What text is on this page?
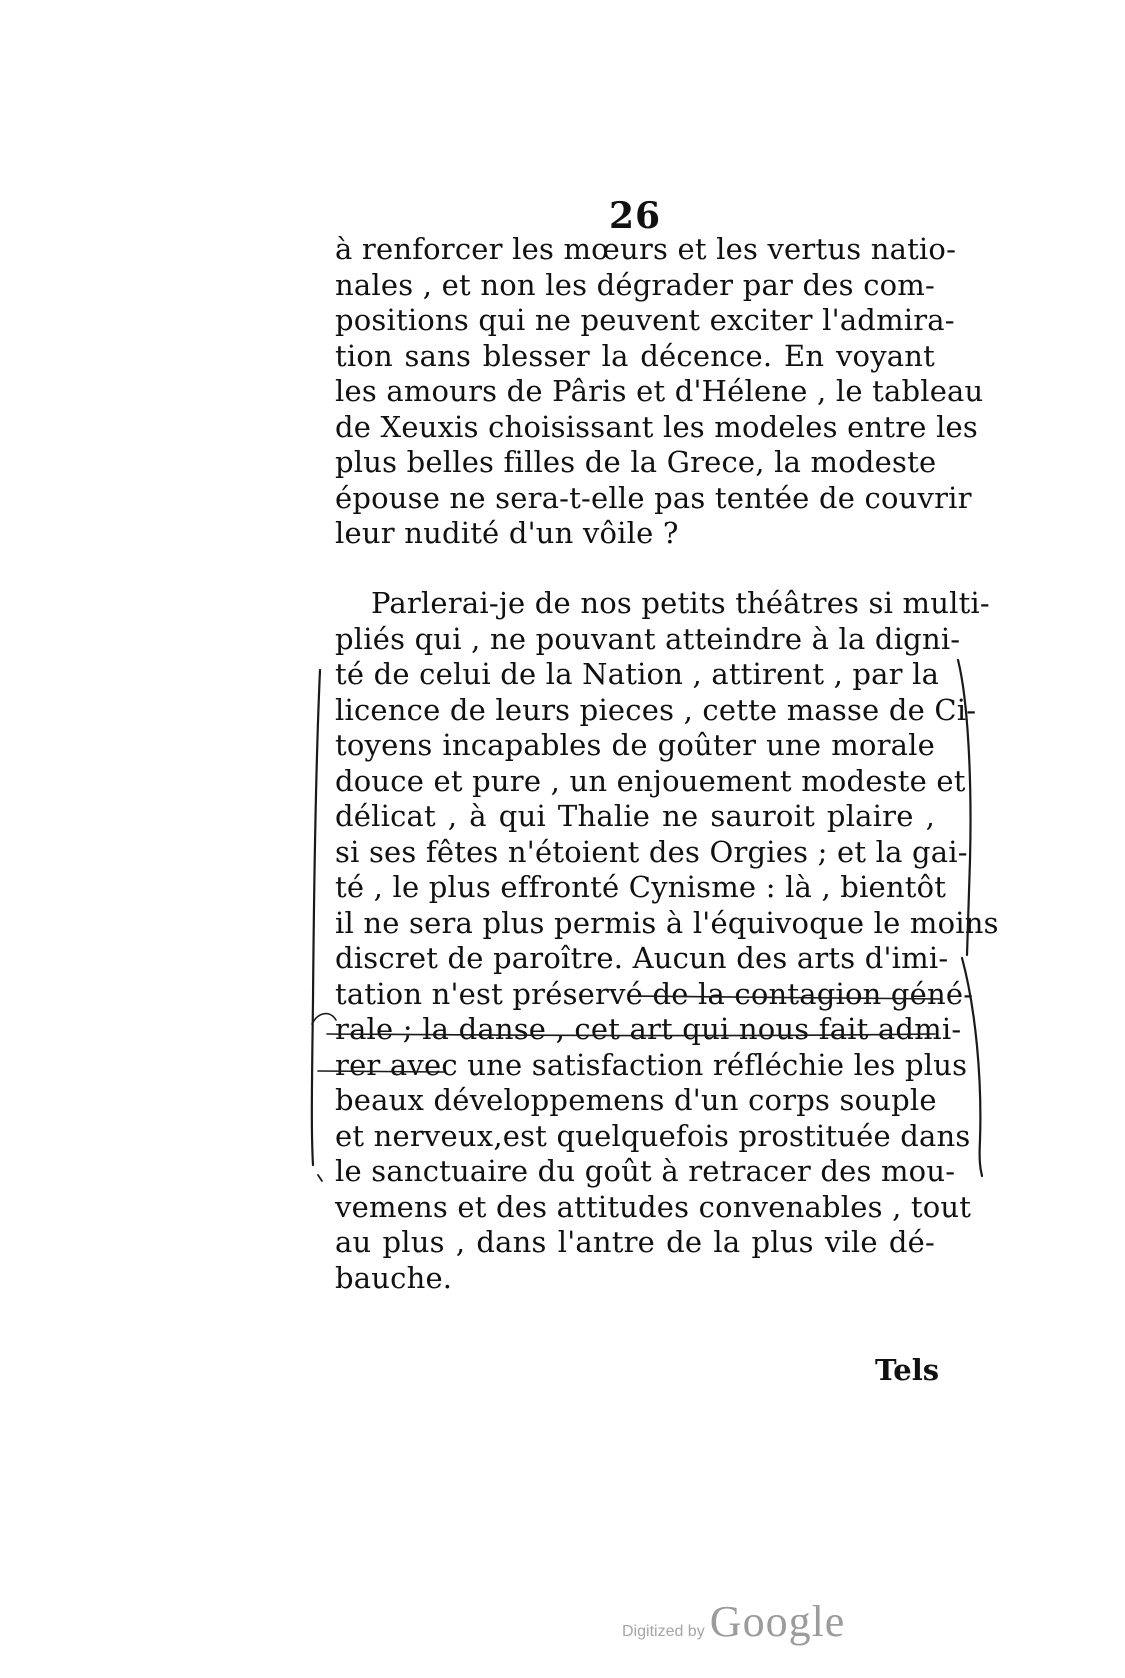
26
à renforcer les mœurs et les vertus natio-
nales , et non les dégrader par des com-
positions qui ne peuvent exciter l'admira-
tion sans blesser la décence. En voyant
les amours de Pâris et d'Hélene , le tableau
de Xeuxis choisissant les modeles entre les
plus belles filles de la Grece, la modeste
épouse ne sera-t-elle pas tentée de couvrir
leur nudité d'un vôile ?
Parlerai-je de nos petits théâtres si multi-
pliés qui , ne pouvant atteindre à la digni-
té de celui de la Nation , attirent , par la
licence de leurs pieces , cette masse de Ci-
toyens incapables de goûter une morale
douce et pure , un enjouement modeste et
délicat , à qui Thalie ne sauroit plaire ,
si ses fêtes n'étoient des Orgies ; et la gai-
té , le plus effronté Cynisme : là , bientôt
il ne sera plus permis à l'équivoque le moins
discret de paroître. Aucun des arts d'imi-
tation n'est préservé de la contagion géné-
rale ; la danse , cet art qui nous fait admi-
rer avec une satisfaction réfléchie les plus
beaux développemens d'un corps souple
et nerveux,est quelquefois prostituée dans
le sanctuaire du goût à retracer des mou-
vemens et des attitudes convenables , tout
au plus , dans l'antre de la plus vile dé-
bauche.
Tels
Digitized by Google
